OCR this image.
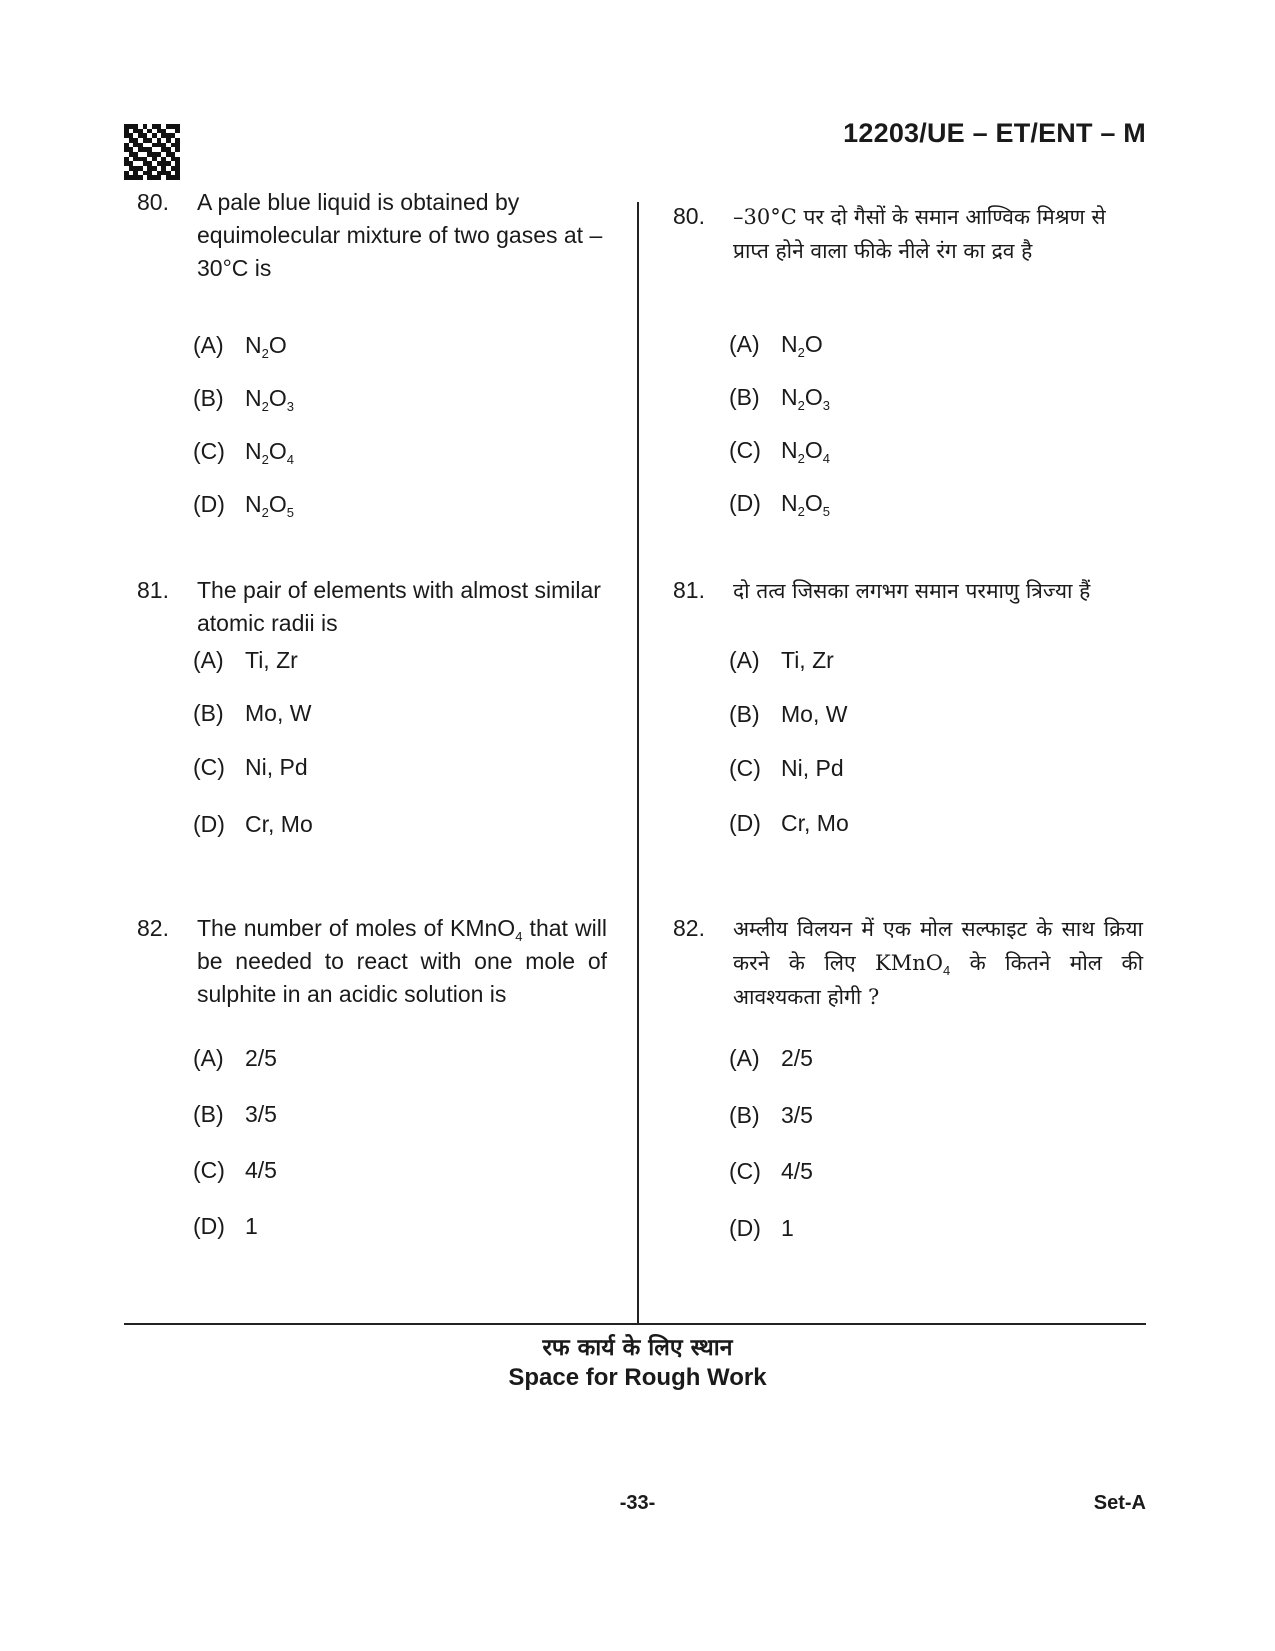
12203/UE – ET/ENT – M
80. A pale blue liquid is obtained by equimolecular mixture of two gases at –30°C is
(A) $N_2O$
(B) $N_2O_3$
(C) $N_2O_4$
(D) $N_2O_5$
81. The pair of elements with almost similar atomic radii is
(A) Ti, Zr
(B) Mo, W
(C) Ni, Pd
(D) Cr, Mo
82. The number of moles of KMnO$_4$ that will be needed to react with one mole of sulphite in an acidic solution is
(A) 2/5
(B) 3/5
(C) 4/5
(D) 1
80. –30°C पर दो गैसों के समान आण्विक मिश्रण से प्राप्त होने वाला फीके नीले रंग का द्रव है
(A) $N_2O$
(B) $N_2O_3$
(C) $N_2O_4$
(D) $N_2O_5$
81. दो तत्व जिसका लगभग समान परमाणु त्रिज्या हैं
(A) Ti, Zr
(B) Mo, W
(C) Ni, Pd
(D) Cr, Mo
82. अम्लीय विलयन में एक मोल सल्फाइट के साथ क्रिया करने के लिए KMnO$_4$ के कितने मोल की आवश्यकता होगी ?
(A) 2/5
(B) 3/5
(C) 4/5
(D) 1
रफ कार्य के लिए स्थान
Space for Rough Work
-33-	Set-A
